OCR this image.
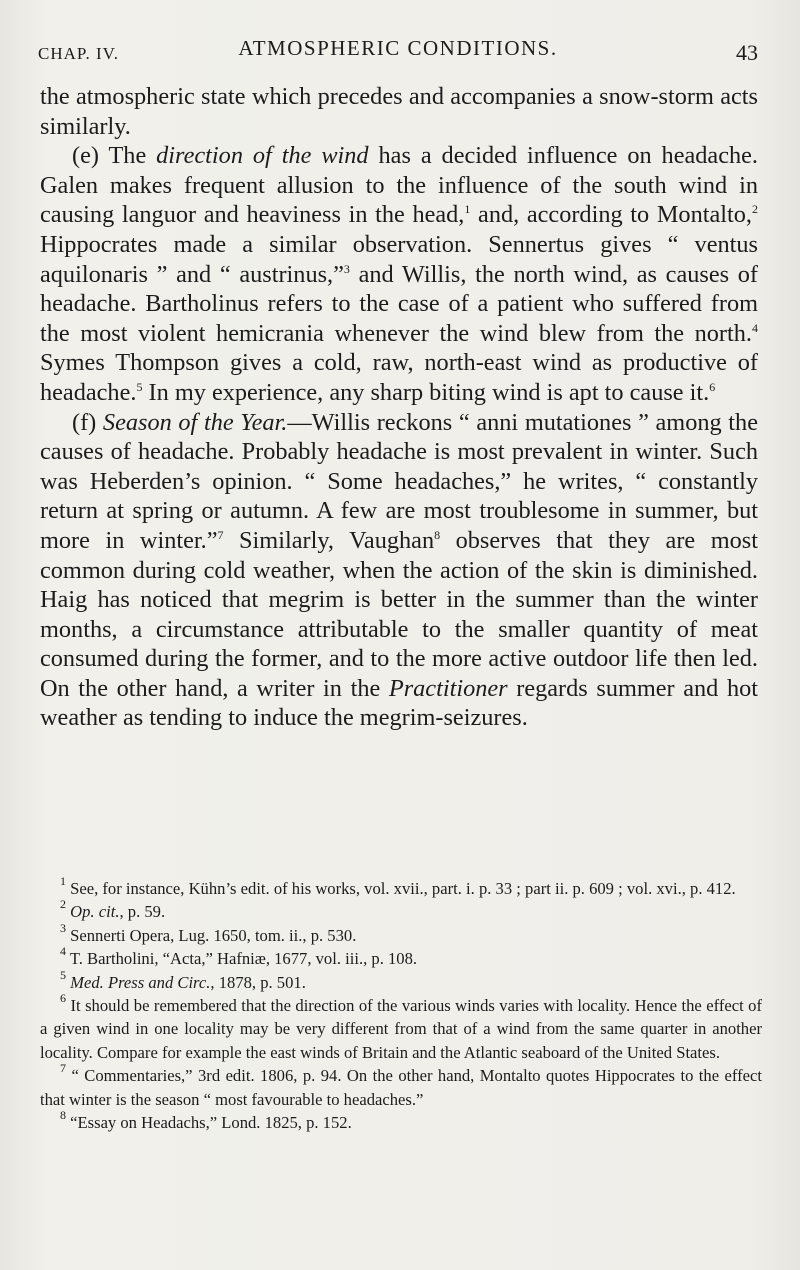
CHAP. IV.	ATMOSPHERIC CONDITIONS.	43

the atmospheric state which precedes and accompanies a snow-storm acts similarly.

(e) The direction of the wind has a decided influence on headache. Galen makes frequent allusion to the influence of the south wind in causing languor and heaviness in the head,$^1$ and, according to Montalto,$^2$ Hippocrates made a similar observation. Sennertus gives “ ventus aquilonaris ” and “ austrinus,”$^3$ and Willis, the north wind, as causes of headache. Bartholinus refers to the case of a patient who suffered from the most violent hemicrania whenever the wind blew from the north.$^4$ Symes Thompson gives a cold, raw, north-east wind as productive of headache.$^5$ In my experience, any sharp biting wind is apt to cause it.$^6$

(f) Season of the Year.—Willis reckons “ anni mutationes ” among the causes of headache. Probably headache is most prevalent in winter. Such was Heberden’s opinion. “ Some headaches,” he writes, “ constantly return at spring or autumn. A few are most troublesome in summer, but more in winter.”$^7$ Similarly, Vaughan$^8$ observes that they are most common during cold weather, when the action of the skin is diminished. Haig has noticed that megrim is better in the summer than the winter months, a circumstance attributable to the smaller quantity of meat consumed during the former, and to the more active outdoor life then led. On the other hand, a writer in the Practitioner regards summer and hot weather as tending to induce the megrim-seizures.

$^1$ See, for instance, Kühn’s edit. of his works, vol. xvii., part. i. p. 33 ; part ii. p. 609 ; vol. xvi., p. 412.

$^2$ Op. cit., p. 59.

$^3$ Sennerti Opera, Lug. 1650, tom. ii., p. 530.

$^4$ T. Bartholini, “Acta,” Hafniæ, 1677, vol. iii., p. 108.

$^5$ Med. Press and Circ., 1878, p. 501.

$^6$ It should be remembered that the direction of the various winds varies with locality. Hence the effect of a given wind in one locality may be very different from that of a wind from the same quarter in another locality. Compare for example the east winds of Britain and the Atlantic seaboard of the United States.

$^7$ “ Commentaries,” 3rd edit. 1806, p. 94. On the other hand, Montalto quotes Hippocrates to the effect that winter is the season “ most favourable to headaches.”

$^8$ “Essay on Headachs,” Lond. 1825, p. 152.
